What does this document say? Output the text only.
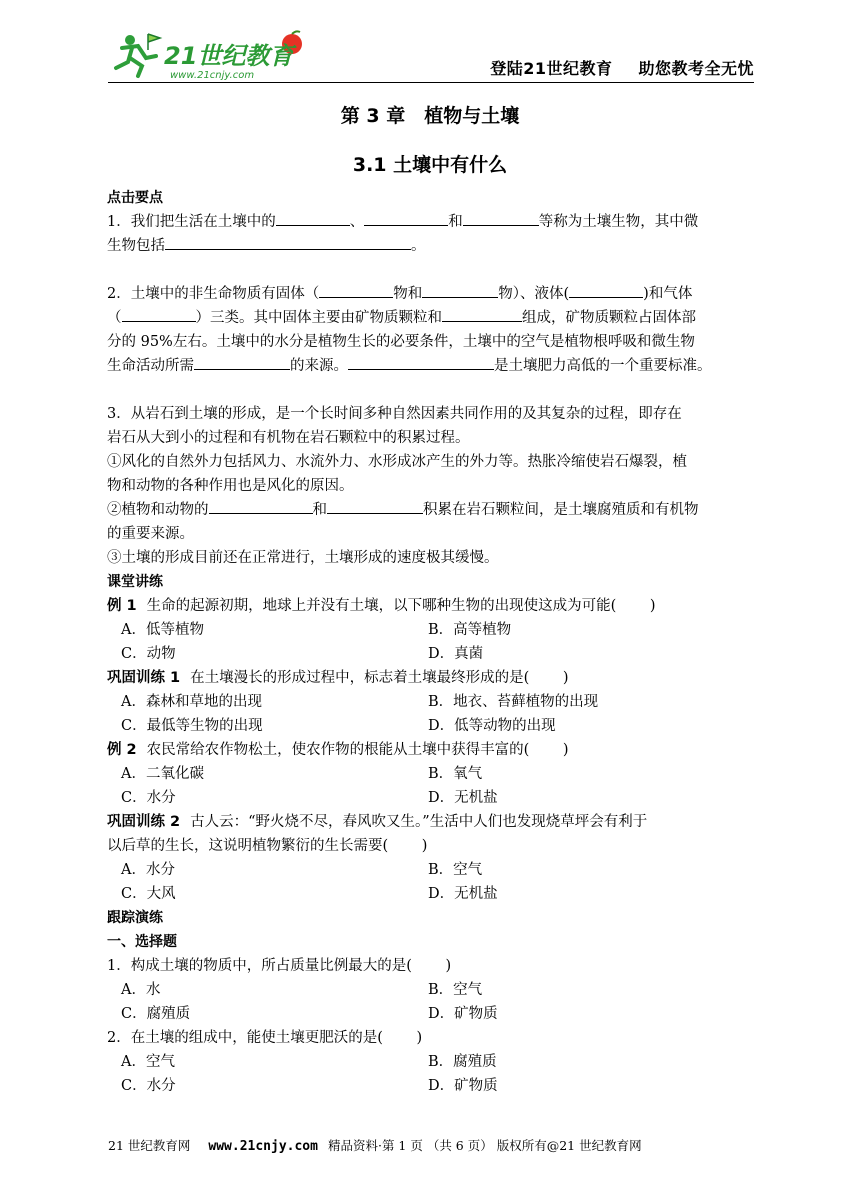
21世纪教育
www.21cnjy.com	登陆21世纪教育 助您教考全无忧
第 3 章　植物与土壤
3.1 土壤中有什么
点击要点

1．我们把生活在土壤中的	、	和	等称为土壤生物，其中微
生物包括	。

2．土壤中的非生命物质有固体（	物和	物）、液体(	)和气体
（	）三类。其中固体主要由矿物质颗粒和	组成，矿物质颗粒占固体部
分的 95%左右。土壤中的水分是植物生长的必要条件，土壤中的空气是植物根呼吸和微生物
生命活动所需	的来源。	是土壤肥力高低的一个重要标准。

3．从岩石到土壤的形成，是一个长时间多种自然因素共同作用的及其复杂的过程，即存在
岩石从大到小的过程和有机物在岩石颗粒中的积累过程。
①风化的自然外力包括风力、水流外力、水形成冰产生的外力等。热胀冷缩使岩石爆裂，植
物和动物的各种作用也是风化的原因。
②植物和动物的	和	积累在岩石颗粒间，是土壤腐殖质和有机物
的重要来源。
③土壤的形成目前还在正常进行，土壤形成的速度极其缓慢。

课堂讲练

例 1 生命的起源初期，地球上并没有土壤，以下哪种生物的出现使这成为可能(　　 )

A．低等植物	B．高等植物
C．动物	D．真菌

巩固训练 1 在土壤漫长的形成过程中，标志着土壤最终形成的是(　　 )

A．森林和草地的出现	B．地衣、苔藓植物的出现
C．最低等生物的出现	D．低等动物的出现

例 2 农民常给农作物松土，使农作物的根能从土壤中获得丰富的(　　 )

A．二氧化碳	B．氧气
C．水分	D．无机盐

巩固训练 2 古人云：“野火烧不尽，春风吹又生。”生活中人们也发现烧草坪会有利于
以后草的生长，这说明植物繁衍的生长需要(　　 )

A．水分	B．空气
C．大风	D．无机盐
跟踪演练
一、选择题

1．构成土壤的物质中，所占质量比例最大的是(　　 )

A．水	B．空气
C．腐殖质	D．矿物质

2．在土壤的组成中，能使土壤更肥沃的是(　　 )

A．空气	B．腐殖质
C．水分	D．矿物质
21 世纪教育网 www.21cnjy.com 精品资料·第 1 页 （共 6 页） 版权所有@21 世纪教育网
